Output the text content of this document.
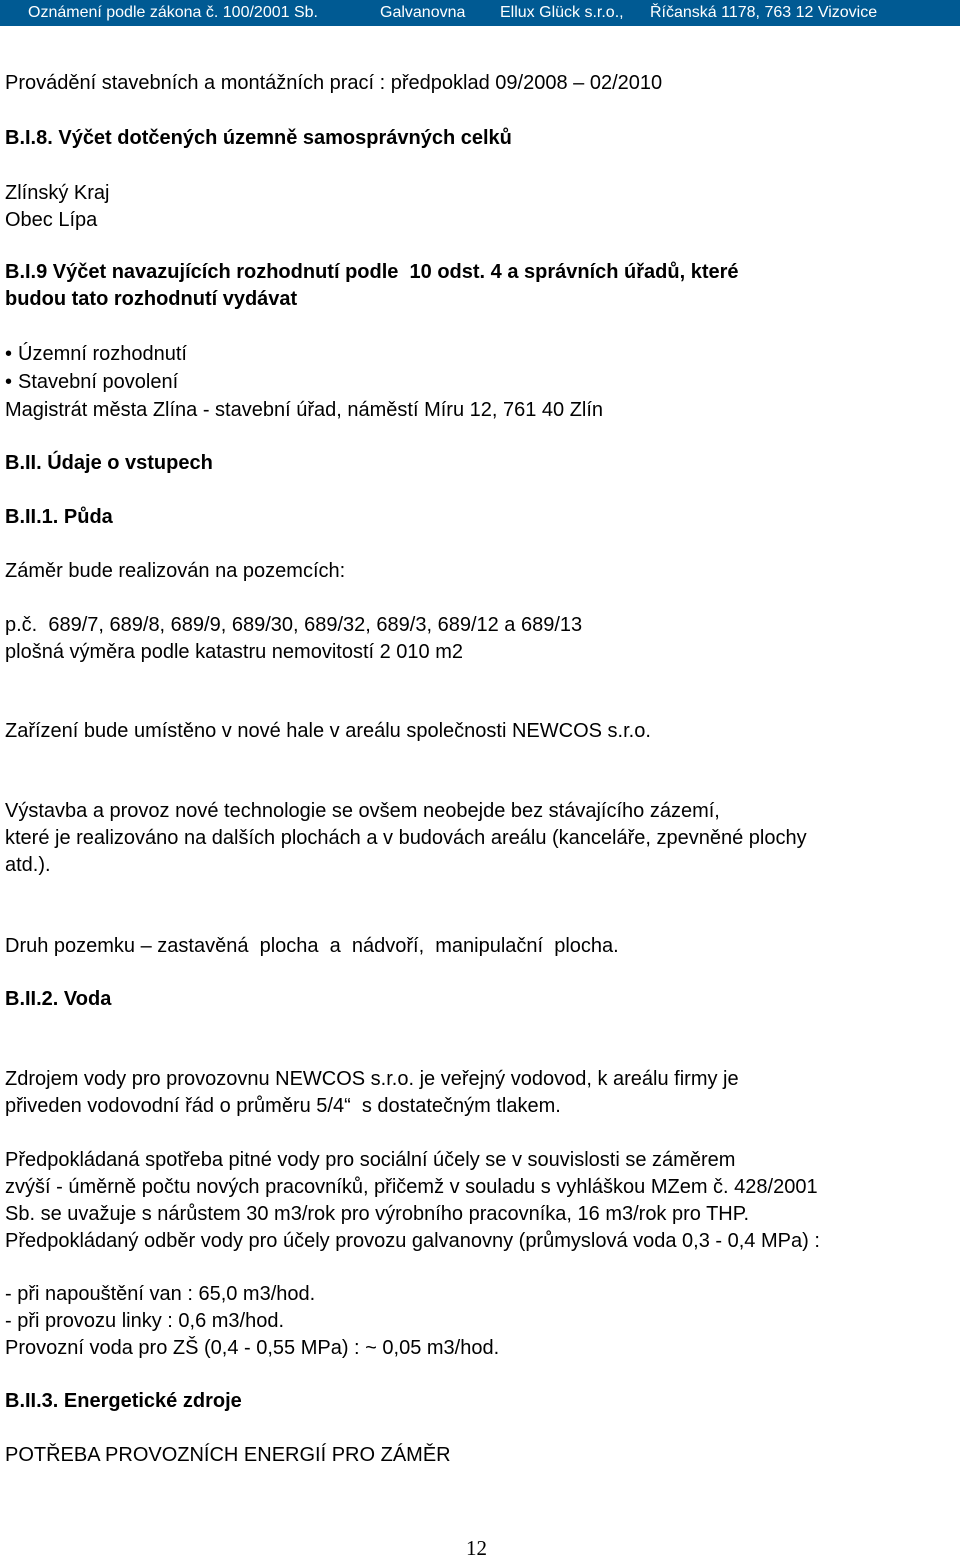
Oznámení podle zákona č. 100/2001 Sb.	Galvanovna Ellux Glück s.r.o., Říčanská 1178, 763 12 Vizovice
Provádění stavebních a montážních prací : předpoklad 09/2008 – 02/2010
B.I.8. Výčet dotčených územně samosprávných celků
Zlínský Kraj
Obec Lípa
B.I.9 Výčet navazujících rozhodnutí podle  10 odst. 4 a správních úřadů, které
budou tato rozhodnutí vydávat
• Územní rozhodnutí
• Stavební povolení
Magistrát města Zlína - stavební úřad, náměstí Míru 12, 761 40 Zlín
B.II. Údaje o vstupech
B.II.1. Půda
Záměr bude realizován na pozemcích:
p.č.  689/7, 689/8, 689/9, 689/30, 689/32, 689/3, 689/12 a 689/13
plošná výměra podle katastru nemovitostí 2 010 m2
Zařízení bude umístěno v nové hale v areálu společnosti NEWCOS s.r.o.
Výstavba a provoz nové technologie se ovšem neobejde bez stávajícího zázemí,
které je realizováno na dalších plochách a v budovách areálu (kanceláře, zpevněné plochy
atd.).
Druh pozemku – zastavěná  plocha  a  nádvoří,  manipulační  plocha.
B.II.2. Voda
Zdrojem vody pro provozovnu NEWCOS s.r.o. je veřejný vodovod, k areálu firmy je
přiveden vodovodní řád o průměru 5/4“  s dostatečným tlakem.
Předpokládaná spotřeba pitné vody pro sociální účely se v souvislosti se záměrem
zvýší - úměrně počtu nových pracovníků, přičemž v souladu s vyhláškou MZem č. 428/2001
Sb. se uvažuje s nárůstem 30 m3/rok pro výrobního pracovníka, 16 m3/rok pro THP.
Předpokládaný odběr vody pro účely provozu galvanovny (průmyslová voda 0,3 - 0,4 MPa) :
- při napouštění van : 65,0 m3/hod.
- při provozu linky : 0,6 m3/hod.
Provozní voda pro ZŠ (0,4 - 0,55 MPa) : ~ 0,05 m3/hod.
B.II.3. Energetické zdroje
POTŘEBA PROVOZNÍCH ENERGIÍ PRO ZÁMĚR
12
